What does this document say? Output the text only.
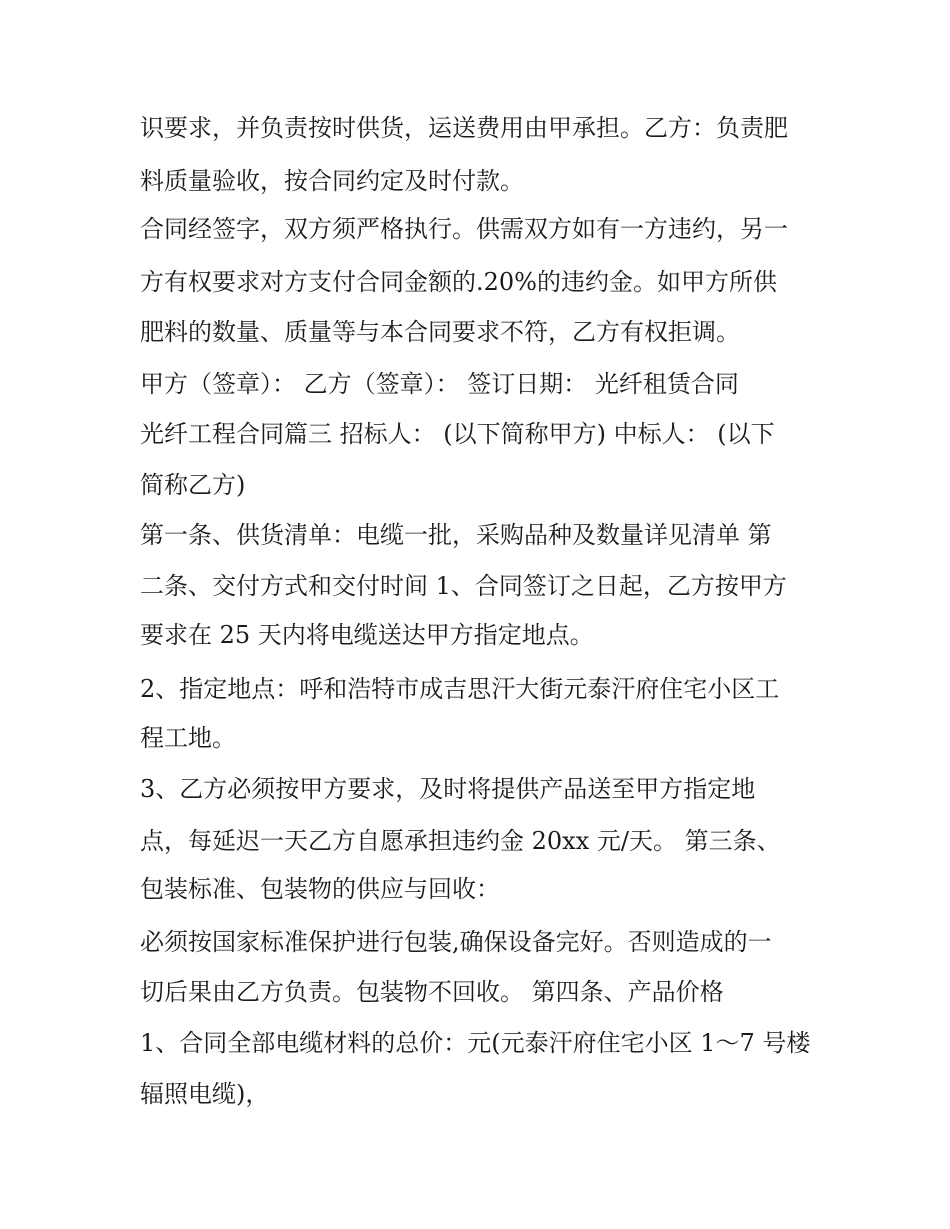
识要求，并负责按时供货，运送费用由甲承担。乙方：负责肥
料质量验收，按合同约定及时付款。
合同经签字，双方须严格执行。供需双方如有一方违约，另一
方有权要求对方支付合同金额的.20%的违约金。如甲方所供
肥料的数量、质量等与本合同要求不符，乙方有权拒调。
甲方（签章）： 乙方（签章）： 签订日期： 光纤租赁合同
光纤工程合同篇三 招标人： (以下简称甲方) 中标人： (以下
简称乙方)
第一条、供货清单：电缆一批，采购品种及数量详见清单 第
二条、交付方式和交付时间 1、合同签订之日起，乙方按甲方
要求在 25 天内将电缆送达甲方指定地点。
2、指定地点：呼和浩特市成吉思汗大街元泰汗府住宅小区工
程工地。
3、乙方必须按甲方要求，及时将提供产品送至甲方指定地
点，每延迟一天乙方自愿承担违约金 20xx 元/天。 第三条、
包装标准、包装物的供应与回收：
必须按国家标准保护进行包装,确保设备完好。否则造成的一
切后果由乙方负责。包装物不回收。 第四条、产品价格
1、合同全部电缆材料的总价：元(元泰汗府住宅小区 1～7 号楼
辐照电缆)，
